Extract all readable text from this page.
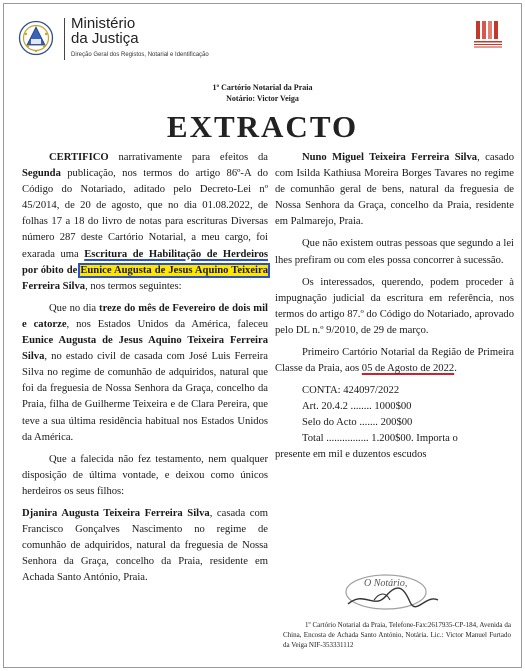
Ministério
da Justiça
Direção Geral dos Registos, Notarial e Identificação
1º Cartório Notarial da Praia
Notário: Victor Veiga
EXTRACTO

CERTIFICO narrativamente para efeitos da Segunda publicação, nos termos do artigo 86º-A do Código do Notariado, aditado pelo Decreto-Lei nº 45/2014, de 20 de agosto, que no dia 01.08.2022, de folhas 17 a 18 do livro de notas para escrituras Diversas número 287 deste Cartório Notarial, a meu cargo, foi exarada uma Escritura de Habilitação de Herdeiros por óbito de Eunice Augusta de Jesus Aquino Teixeira Ferreira Silva, nos termos seguintes:

Que no dia treze do mês de Fevereiro de dois mil e catorze, nos Estados Unidos da América, faleceu Eunice Augusta de Jesus Aquino Teixeira Ferreira Silva, no estado civil de casada com José Luis Ferreira Silva no regime de comunhão de adquiridos, natural que foi da freguesia de Nossa Senhora da Graça, concelho da Praia, filha de Guilherme Teixeira e de Clara Pereira, que teve a sua última residência habitual nos Estados Unidos da América.

Que a falecida não fez testamento, nem qualquer disposição de última vontade, e deixou como únicos herdeiros os seus filhos:

Djanira Augusta Teixeira Ferreira Silva, casada com Francisco Gonçalves Nascimento no regime de comunhão de adquiridos, natural da freguesia de Nossa Senhora da Graça, concelho da Praia, residente em Achada Santo António, Praia.

Nuno Miguel Teixeira Ferreira Silva, casado com Isilda Kathiusa Moreira Borges Tavares no regime de comunhão geral de bens, natural da freguesia de Nossa Senhora da Graça, concelho da Praia, residente em Palmarejo, Praia.

Que não existem outras pessoas que segundo a lei lhes prefiram ou com eles possa concorrer à sucessão.

Os interessados, querendo, podem proceder à impugnação judicial da escritura em referência, nos termos do artigo 87.º do Código do Notariado, aprovado pelo DL n.º 9/2010, de 29 de março.

Primeiro Cartório Notarial da Região de Primeira Classe da Praia, aos 05 de Agosto de 2022.

CONTA: 424097/2022
Art. 20.4.2 ........ 1000$00
Selo do Acto ....... 200$00
Total ................ 1.200$00. Importa o
presente em mil e duzentos escudos
O Notário,
1º Cartório Notarial da Praia, Telefone-Fax:2617935-CP-184, Avenida da China, Encosta de Achada Santo António, Notária. Lic.: Victor Manuel Furtado da Veiga NIF-353331112
